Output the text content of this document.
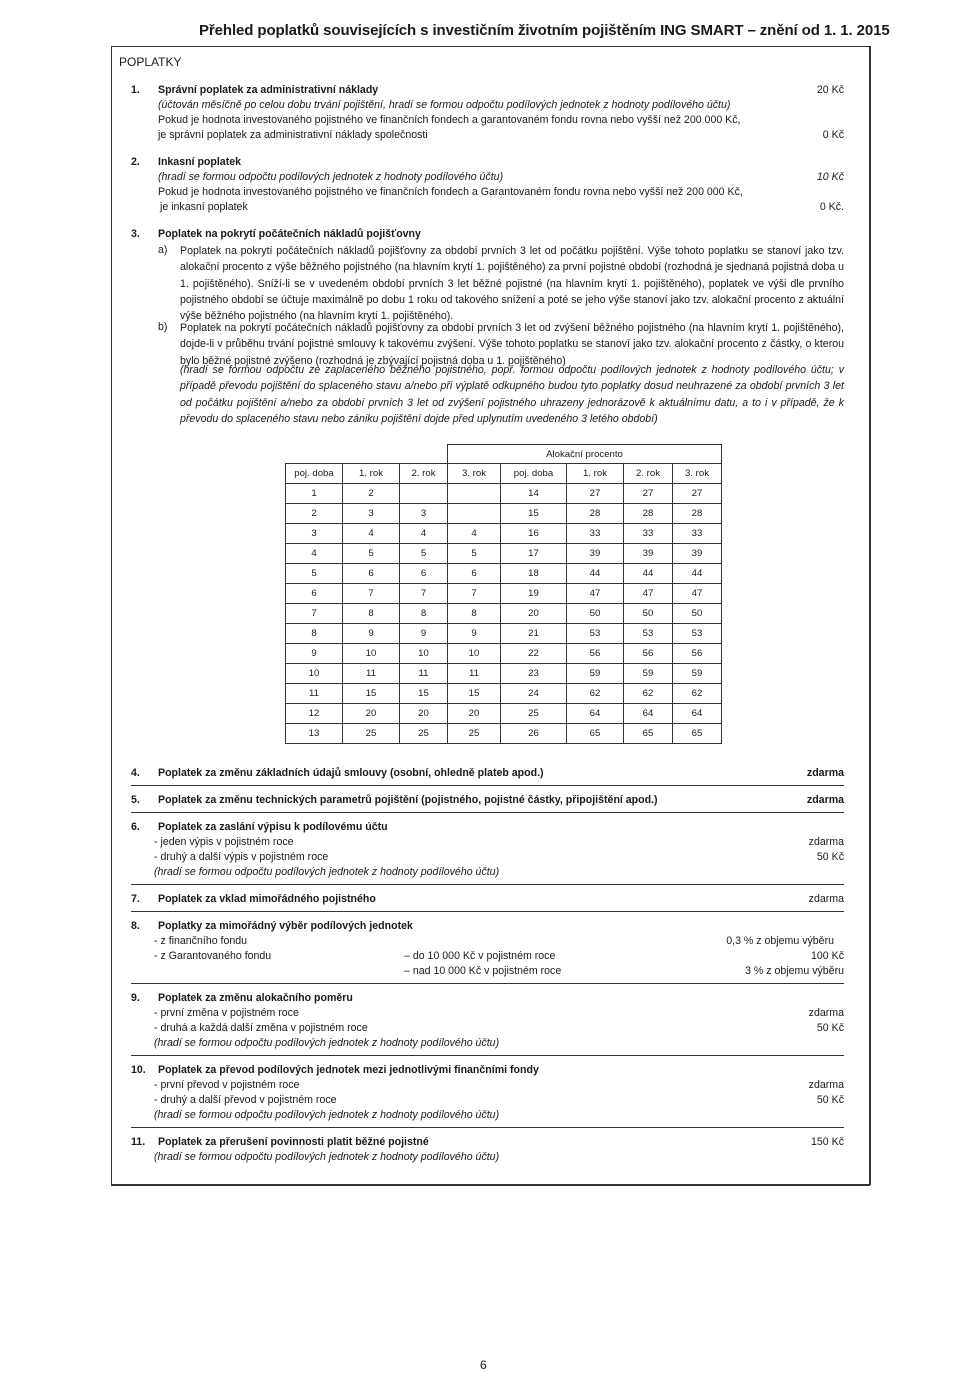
Přehled poplatků souvisejících s investičním životním pojištěním ING SMART – znění od 1. 1. 2015
POPLATKY
1. Správní poplatek za administrativní náklady	20 Kč
(účtován měsíčně po celou dobu trvání pojištění, hradí se formou odpočtu podílových jednotek z hodnoty podílového účtu)
Pokud je hodnota investovaného pojistného ve finančních fondech a garantovaném fondu rovna nebo vyšší než 200 000 Kč,
je správní poplatek za administrativní náklady společnosti	0 Kč
2. Inkasní poplatek
(hradí se formou odpočtu podílových jednotek z hodnoty podílového účtu)	10 Kč
Pokud je hodnota investovaného pojistného ve finančních fondech a Garantovaném fondu rovna nebo vyšší než 200 000 Kč,
je inkasní poplatek	0 Kč.
3. Poplatek na pokrytí počátečních nákladů pojišťovny
a) Poplatek na pokrytí počátečních nákladů pojišťovny za období prvních 3 let od počátku pojištění. Výše tohoto poplatku se stanoví jako tzv. alokační procento z výše běžného pojistného (na hlavním krytí 1. pojištěného) za první pojistné období (rozhodná je sjednaná pojistná doba u 1. pojištěného). Sníží-li se v uvedeném období prvních 3 let běžné pojistné (na hlavním krytí 1. pojištěného), poplatek ve výši dle prvního pojistného období se účtuje maximálně po dobu 1 roku od takového snížení a poté se jeho výše stanoví jako tzv. alokační procento z aktuální výše běžného pojistného (na hlavním krytí 1. pojištěného).
b) Poplatek na pokrytí počátečních nákladů pojišťovny za období prvních 3 let od zvýšení běžného pojistného (na hlavním krytí 1. pojištěného), dojde-li v průběhu trvání pojistné smlouvy k takovému zvýšení. Výše tohoto poplatku se stanoví jako tzv. alokační procento z částky, o kterou bylo běžné pojistné zvýšeno (rozhodná je zbývající pojistná doba u 1. pojištěného)
(hradí se formou odpočtu ze zaplaceného běžného pojistného, popř. formou odpočtu podílových jednotek z hodnoty podílového účtu; v případě převodu pojištění do splaceného stavu a/nebo při výplatě odkupného budou tyto poplatky dosud neuhrazené za období prvních 3 let od počátku pojištění a/nebo za období prvních 3 let od zvýšení pojistného uhrazeny jednorázově k aktuálnímu datu, a to i v případě, že k převodu do splaceného stavu nebo zániku pojištění dojde před uplynutím uvedeného 3 letého období)
			Alokační procento				
poj. doba	1. rok	2. rok	3. rok	poj. doba	1. rok	2. rok	3. rok
1	2			14	27	27	27
2	3	3		15	28	28	28
3	4	4	4	16	33	33	33
4	5	5	5	17	39	39	39
5	6	6	6	18	44	44	44
6	7	7	7	19	47	47	47
7	8	8	8	20	50	50	50
8	9	9	9	21	53	53	53
9	10	10	10	22	56	56	56
10	11	11	11	23	59	59	59
11	15	15	15	24	62	62	62
12	20	20	20	25	64	64	64
13	25	25	25	26	65	65	65
4. Poplatek za změnu základních údajů smlouvy (osobní, ohledně plateb apod.)	zdarma
5. Poplatek za změnu technických parametrů pojištění (pojistného, pojistné částky, připojištění apod.)	zdarma
6. Poplatek za zaslání výpisu k podílovému účtu
- jeden výpis v pojistném roce	zdarma
- druhý a další výpis v pojistném roce	50 Kč
(hradí se formou odpočtu podílových jednotek z hodnoty podílového účtu)
7. Poplatek za vklad mimořádného pojistného	zdarma
8. Poplatky za mimořádný výběr podílových jednotek
- z finančního fondu	0,3 % z objemu výběru
- z Garantovaného fondu	– do 10 000 Kč v pojistném roce	100 Kč
– nad 10 000 Kč v pojistném roce	3 % z objemu výběru
9. Poplatek za změnu alokačního poměru
- první změna v pojistném roce	zdarma
- druhá a každá další změna v pojistném roce	50 Kč
(hradí se formou odpočtu podílových jednotek z hodnoty podílového účtu)
10. Poplatek za převod podílových jednotek mezi jednotlivými finančními fondy
- první převod v pojistném roce	zdarma
- druhý a další převod v pojistném roce	50 Kč
(hradí se formou odpočtu podílových jednotek z hodnoty podílového účtu)
11. Poplatek za přerušení povinnosti platit běžné pojistné	150 Kč
(hradí se formou odpočtu podílových jednotek z hodnoty podílového účtu)
6
